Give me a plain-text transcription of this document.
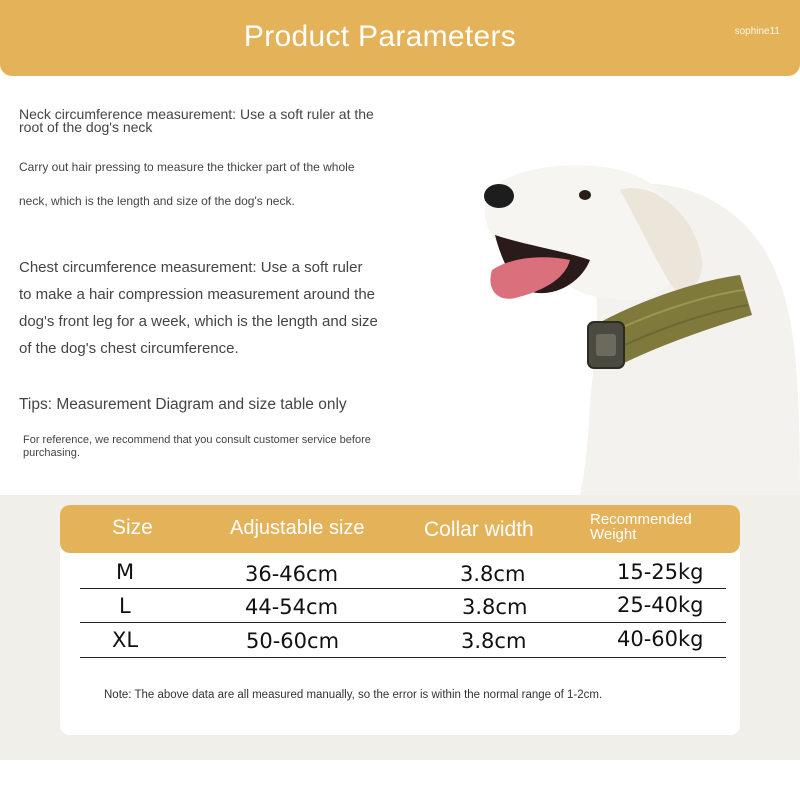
Product Parameters	sophine11
Neck circumference measurement: Use a soft ruler at the root of the dog's neck
Carry out hair pressing to measure the thicker part of the whole
neck, which is the length and size of the dog's neck.
Chest circumference measurement: Use a soft ruler to make a hair compression measurement around the dog's front leg for a week, which is the length and size of the dog's chest circumference.
Tips: Measurement Diagram and size table only
For reference, we recommend that you consult customer service before purchasing.
Size	Adjustable size	Collar width	Recommended Weight
M	36-46cm	3.8cm	15-25kg
L	44-54cm	3.8cm	25-40kg
XL	50-60cm	3.8cm	40-60kg
Note: The above data are all measured manually, so the error is within the normal range of 1-2cm.
